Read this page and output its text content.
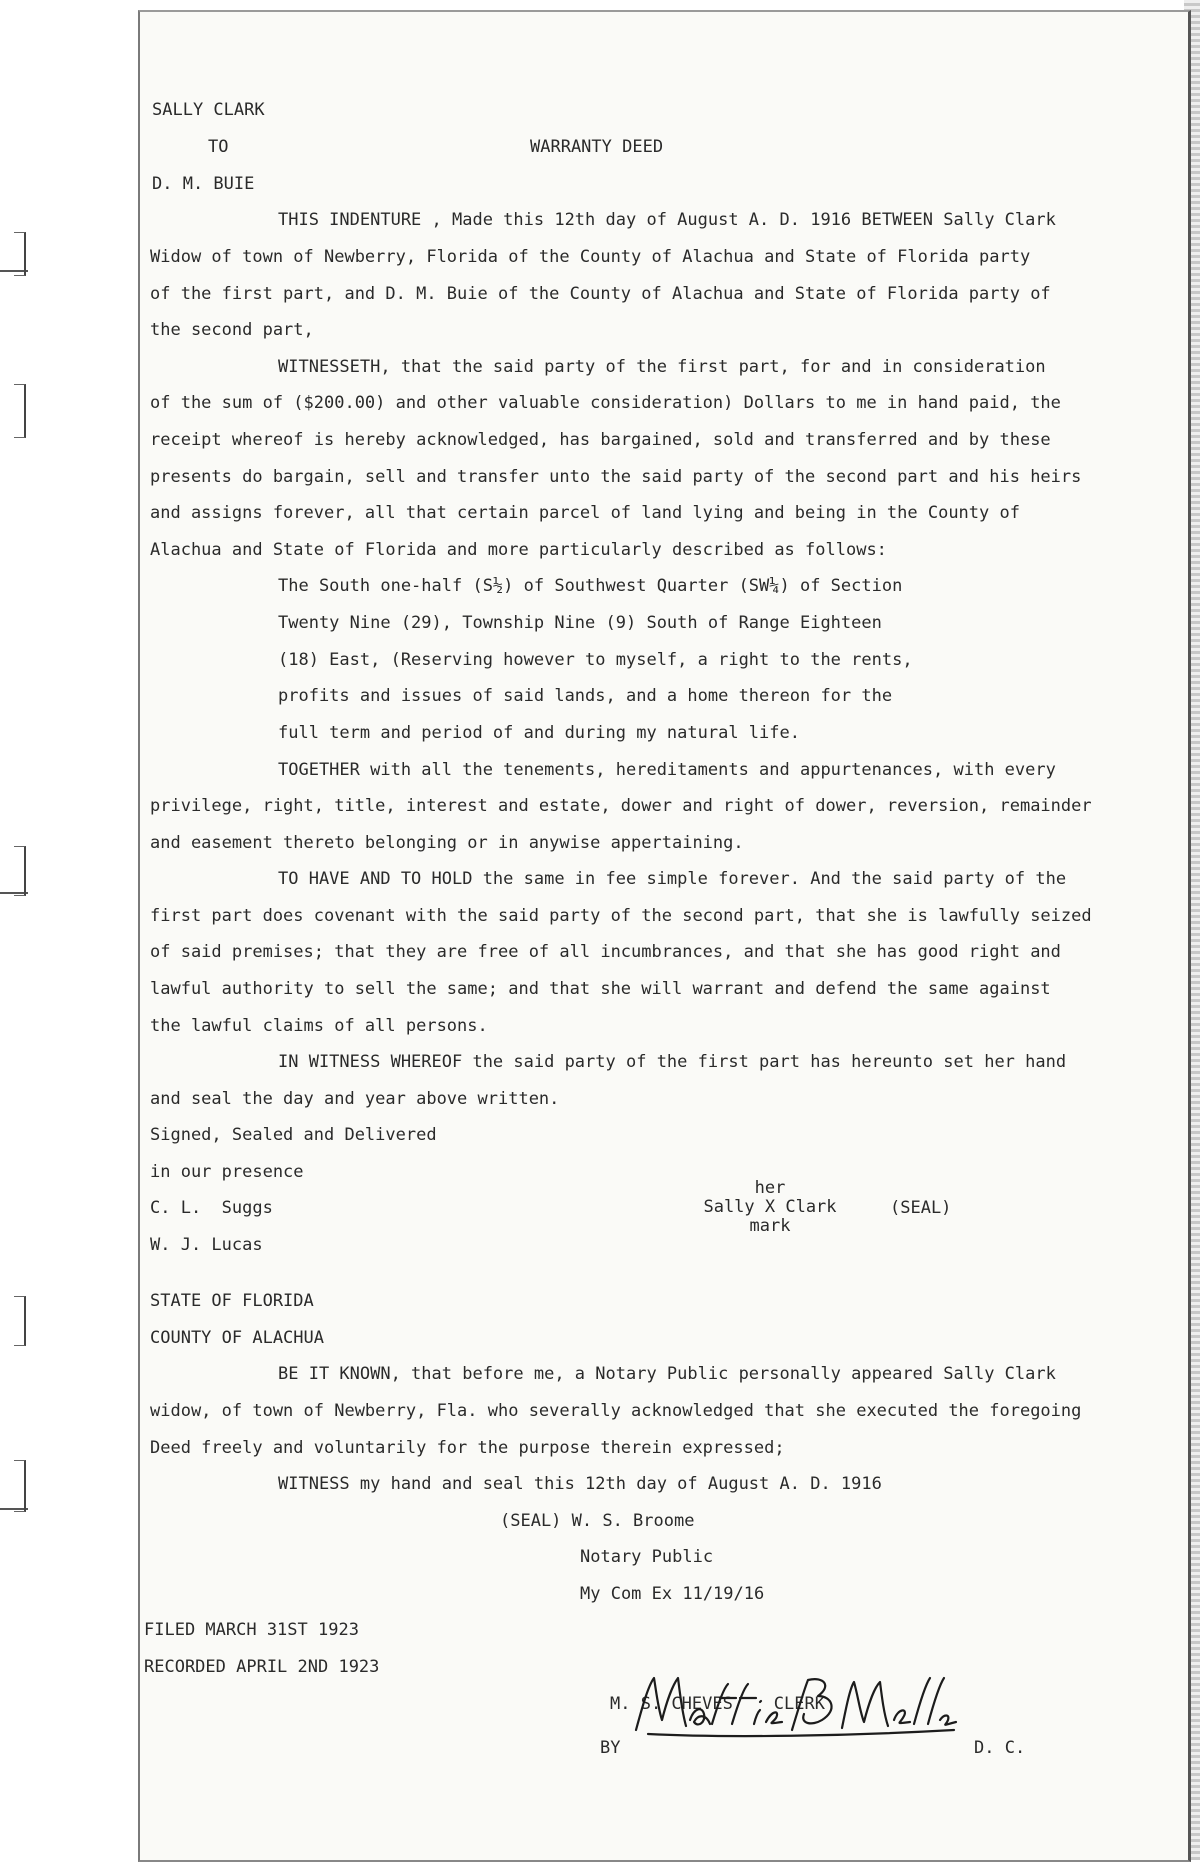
SALLY CLARK
TO	WARRANTY DEED
D. M. BUIE
THIS INDENTURE , Made this 12th day of August A. D. 1916 BETWEEN Sally Clark
Widow of town of Newberry, Florida of the County of Alachua and State of Florida party
of the first part, and D. M. Buie of the County of Alachua and State of Florida party of
the second part,
WITNESSETH, that the said party of the first part, for and in consideration
of the sum of ($200.00) and other valuable consideration) Dollars to me in hand paid, the
receipt whereof is hereby acknowledged, has bargained, sold and transferred and by these
presents do bargain, sell and transfer unto the said party of the second part and his heirs
and assigns forever, all that certain parcel of land lying and being in the County of
Alachua and State of Florida and more particularly described as follows:
The South one-half (S½) of Southwest Quarter (SW¼) of Section
Twenty Nine (29), Township Nine (9) South of Range Eighteen
(18) East, (Reserving however to myself, a right to the rents,
profits and issues of said lands, and a home thereon for the
full term and period of and during my natural life.
TOGETHER with all the tenements, hereditaments and appurtenances, with every
privilege, right, title, interest and estate, dower and right of dower, reversion, remainder
and easement thereto belonging or in anywise appertaining.
TO HAVE AND TO HOLD the same in fee simple forever. And the said party of the
first part does covenant with the said party of the second part, that she is lawfully seized
of said premises; that they are free of all incumbrances, and that she has good right and
lawful authority to sell the same; and that she will warrant and defend the same against
the lawful claims of all persons.
IN WITNESS WHEREOF the said party of the first part has hereunto set her hand
and seal the day and year above written.
Signed, Sealed and Delivered
in our presence
C. L.  Suggs
W. J. Lucas
her
Sally X Clark
mark
(SEAL)
STATE OF FLORIDA
COUNTY OF ALACHUA
BE IT KNOWN, that before me, a Notary Public personally appeared Sally Clark
widow, of town of Newberry, Fla. who severally acknowledged that she executed the foregoing
Deed freely and voluntarily for the purpose therein expressed;
WITNESS my hand and seal this 12th day of August A. D. 1916
(SEAL) W. S. Broome
Notary Public
My Com Ex 11/19/16
FILED MARCH 31ST 1923
RECORDED APRIL 2ND 1923
M. S. CHEVES    CLERK
BY	D. C.
